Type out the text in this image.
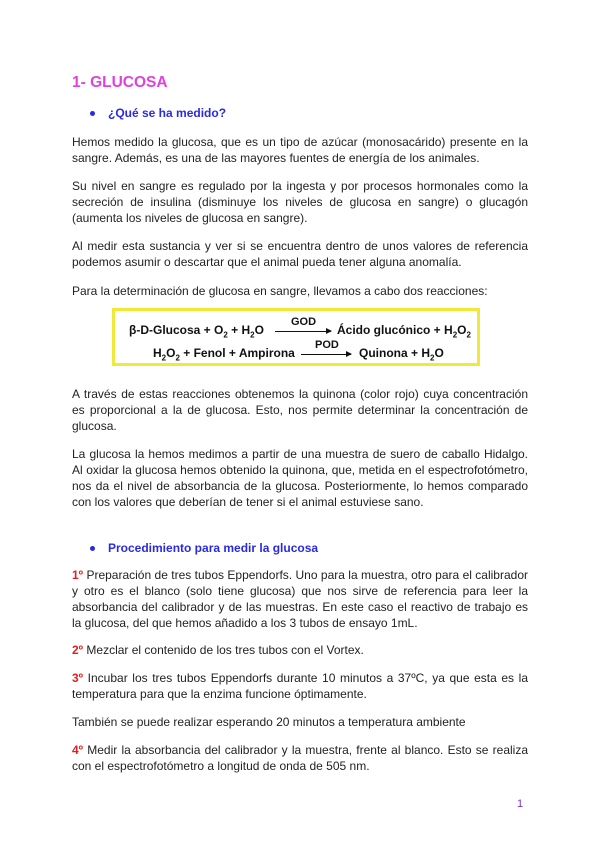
1- GLUCOSA
¿Qué se ha medido?

Hemos medido la glucosa, que es un tipo de azúcar (monosacárido) presente en la sangre. Además, es una de las mayores fuentes de energía de los animales.

Su nivel en sangre es regulado por la ingesta y por procesos hormonales como la secreción de insulina (disminuye los niveles de glucosa en sangre) o glucagón (aumenta los niveles de glucosa en sangre).

Al medir esta sustancia y ver si se encuentra dentro de unos valores de referencia podemos asumir o descartar que el animal pueda tener alguna anomalía.

Para la determinación de glucosa en sangre, llevamos a cabo dos reacciones:

$\beta-D-Glucosa + O_2 + H_2O$
GOD
Ácido glucónico + $H_2O_2$
$H_2O_2$ + Fenol + Ampirona
POD
Quinona + $H_2O$

A través de estas reacciones obtenemos la quinona (color rojo) cuya concentración es proporcional a la de glucosa. Esto, nos permite determinar la concentración de glucosa.

La glucosa la hemos medimos a partir de una muestra de suero de caballo Hidalgo. Al oxidar la glucosa hemos obtenido la quinona, que, metida en el espectrofotómetro, nos da el nivel de absorbancia de la glucosa. Posteriormente, lo hemos comparado con los valores que deberían de tener si el animal estuviese sano.

Procedimiento para medir la glucosa

1º Preparación de tres tubos Eppendorfs. Uno para la muestra, otro para el calibrador y otro es el blanco (solo tiene glucosa) que nos sirve de referencia para leer la absorbancia del calibrador y de las muestras. En este caso el reactivo de trabajo es la glucosa, del que hemos añadido a los 3 tubos de ensayo 1mL.

2º Mezclar el contenido de los tres tubos con el Vortex.

3º Incubar los tres tubos Eppendorfs durante 10 minutos a 37ºC, ya que esta es la temperatura para que la enzima funcione óptimamente.

También se puede realizar esperando 20 minutos a temperatura ambiente

4º Medir la absorbancia del calibrador y la muestra, frente al blanco. Esto se realiza con el espectrofotómetro a longitud de onda de 505 nm.

1
